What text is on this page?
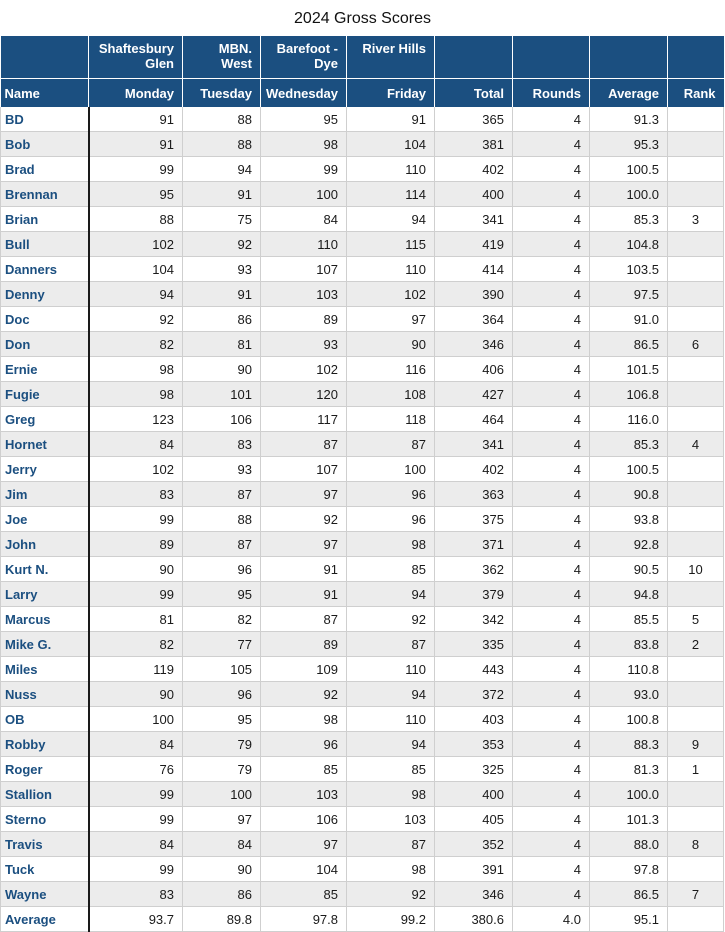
2024 Gross Scores
	Shaftesbury Glen	MBN. West	Barefoot - Dye	River Hills				
Name	Monday	Tuesday	Wednesday	Friday	Total	Rounds	Average	Rank
BD	91	88	95	91	365	4	91.3	
Bob	91	88	98	104	381	4	95.3	
Brad	99	94	99	110	402	4	100.5	
Brennan	95	91	100	114	400	4	100.0	
Brian	88	75	84	94	341	4	85.3	3
Bull	102	92	110	115	419	4	104.8	
Danners	104	93	107	110	414	4	103.5	
Denny	94	91	103	102	390	4	97.5	
Doc	92	86	89	97	364	4	91.0	
Don	82	81	93	90	346	4	86.5	6
Ernie	98	90	102	116	406	4	101.5	
Fugie	98	101	120	108	427	4	106.8	
Greg	123	106	117	118	464	4	116.0	
Hornet	84	83	87	87	341	4	85.3	4
Jerry	102	93	107	100	402	4	100.5	
Jim	83	87	97	96	363	4	90.8	
Joe	99	88	92	96	375	4	93.8	
John	89	87	97	98	371	4	92.8	
Kurt N.	90	96	91	85	362	4	90.5	10
Larry	99	95	91	94	379	4	94.8	
Marcus	81	82	87	92	342	4	85.5	5
Mike G.	82	77	89	87	335	4	83.8	2
Miles	119	105	109	110	443	4	110.8	
Nuss	90	96	92	94	372	4	93.0	
OB	100	95	98	110	403	4	100.8	
Robby	84	79	96	94	353	4	88.3	9
Roger	76	79	85	85	325	4	81.3	1
Stallion	99	100	103	98	400	4	100.0	
Sterno	99	97	106	103	405	4	101.3	
Travis	84	84	97	87	352	4	88.0	8
Tuck	99	90	104	98	391	4	97.8	
Wayne	83	86	85	92	346	4	86.5	7
Average	93.7	89.8	97.8	99.2	380.6	4.0	95.1	
